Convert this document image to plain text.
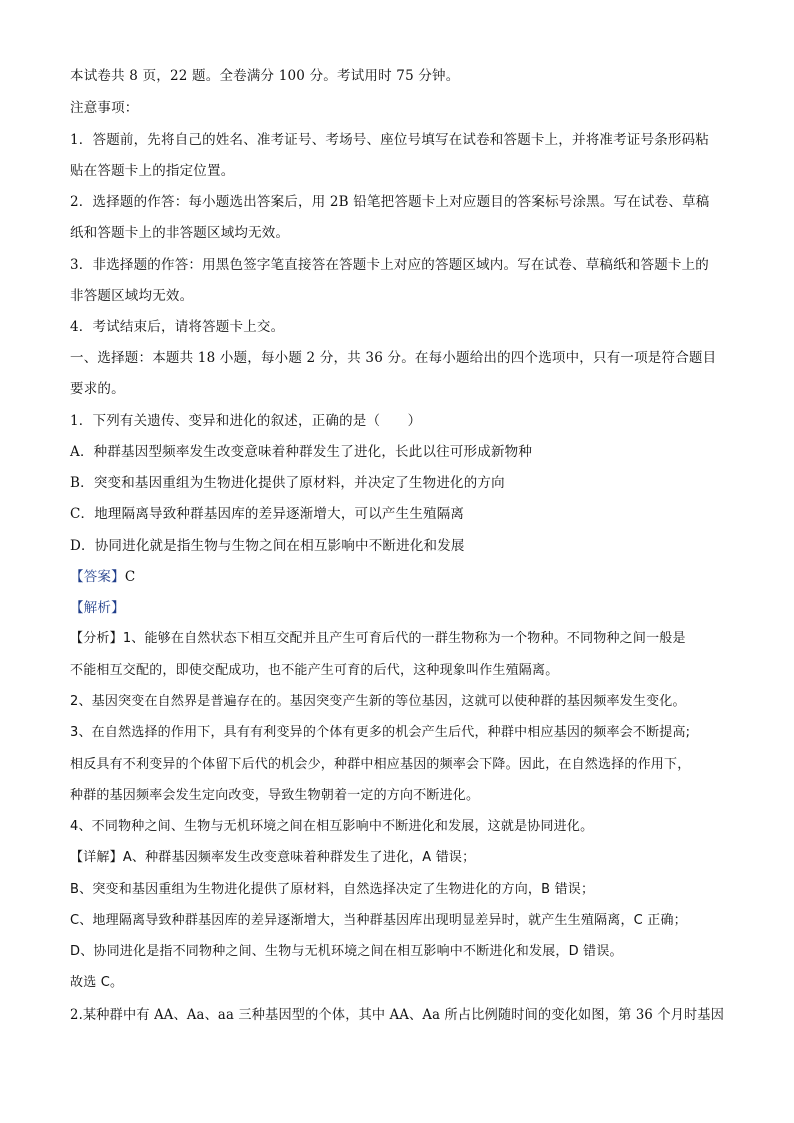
本试卷共 8 页，22 题。全卷满分 100 分。考试用时 75 分钟。
注意事项：
1．答题前，先将自己的姓名、准考证号、考场号、座位号填写在试卷和答题卡上，并将准考证号条形码粘
贴在答题卡上的指定位置。
2．选择题的作答：每小题选出答案后，用 2B 铅笔把答题卡上对应题目的答案标号涂黑。写在试卷、草稿
纸和答题卡上的非答题区域均无效。
3．非选择题的作答：用黑色签字笔直接答在答题卡上对应的答题区域内。写在试卷、草稿纸和答题卡上的
非答题区域均无效。
4．考试结束后，请将答题卡上交。
一、选择题：本题共 18 小题，每小题 2 分，共 36 分。在每小题给出的四个选项中，只有一项是符合题目
要求的。
1．下列有关遗传、变异和进化的叙述，正确的是（　　）
A．种群基因型频率发生改变意味着种群发生了进化，长此以往可形成新物种
B．突变和基因重组为生物进化提供了原材料，并决定了生物进化的方向
C．地理隔离导致种群基因库的差异逐渐增大，可以产生生殖隔离
D．协同进化就是指生物与生物之间在相互影响中不断进化和发展
【答案】C
【解析】
【分析】1、能够在自然状态下相互交配并且产生可育后代的一群生物称为一个物种。不同物种之间一般是
不能相互交配的，即使交配成功，也不能产生可育的后代，这种现象叫作生殖隔离。
2、基因突变在自然界是普遍存在的。基因突变产生新的等位基因，这就可以使种群的基因频率发生变化。
3、在自然选择的作用下，具有有利变异的个体有更多的机会产生后代，种群中相应基因的频率会不断提高;
相反具有不利变异的个体留下后代的机会少，种群中相应基因的频率会下降。因此，在自然选择的作用下，
种群的基因频率会发生定向改变，导致生物朝着一定的方向不断进化。
4、不同物种之间、生物与无机环境之间在相互影响中不断进化和发展，这就是协同进化。
【详解】A、种群基因频率发生改变意味着种群发生了进化，A 错误；
B、突变和基因重组为生物进化提供了原材料，自然选择决定了生物进化的方向，B 错误；
C、地理隔离导致种群基因库的差异逐渐增大，当种群基因库出现明显差异时，就产生生殖隔离，C 正确；
D、协同进化是指不同物种之间、生物与无机环境之间在相互影响中不断进化和发展，D 错误。
故选 C。
2.某种群中有 AA、Aa、aa 三种基因型的个体，其中 AA、Aa 所占比例随时间的变化如图，第 36 个月时基因
